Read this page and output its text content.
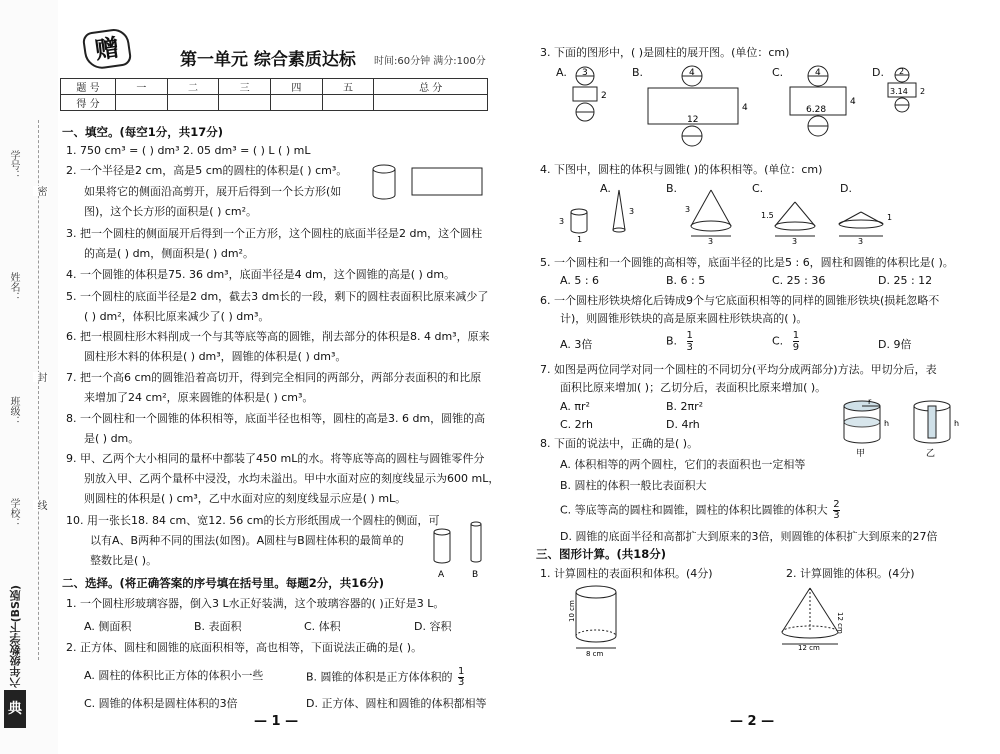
学号：
密
姓名：
封
班级：
学校： 线
六年级数学下(BS版)
典
赠	第一单元 综合素质达标 时间:60分钟 满分:100分
题 号	一	二	三	四	五	总 分
得 分						
一、填空。(每空1分，共17分)
1. 750 cm³ = ( ) dm³ 2. 05 dm³ = ( ) L ( ) mL
2. 一个半径是2 cm，高是5 cm的圆柱的体积是( ) cm³。
如果将它的侧面沿高剪开，展开后得到一个长方形(如
图)，这个长方形的面积是( ) cm²。
3. 把一个圆柱的侧面展开后得到一个正方形，这个圆柱的底面半径是2 dm，这个圆柱
的高是( ) dm，侧面积是( ) dm²。
4. 一个圆锥的体积是75. 36 dm³，底面半径是4 dm，这个圆锥的高是( ) dm。
5. 一个圆柱的底面半径是2 dm，截去3 dm长的一段，剩下的圆柱表面积比原来减少了
( ) dm²，体积比原来减少了( ) dm³。
6. 把一根圆柱形木料削成一个与其等底等高的圆锥，削去部分的体积是8. 4 dm³，原来
圆柱形木料的体积是( ) dm³，圆锥的体积是( ) dm³。
7. 把一个高6 cm的圆锥沿着高切开，得到完全相同的两部分，两部分表面积的和比原
来增加了24 cm²，原来圆锥的体积是( ) cm³。
8. 一个圆柱和一个圆锥的体积相等，底面半径也相等，圆柱的高是3. 6 dm，圆锥的高
是( ) dm。
9. 甲、乙两个大小相同的量杯中都装了450 mL的水。将等底等高的圆柱与圆锥零件分
别放入甲、乙两个量杯中浸没，水均未溢出。甲中水面对应的刻度线显示为600 mL，
则圆柱的体积是( ) cm³，乙中水面对应的刻度线显示应是( ) mL。
10. 用一张长18. 84 cm、宽12. 56 cm的长方形纸围成一个圆柱的侧面，可
以有A、B两种不同的围法(如图)。A圆柱与B圆柱体积的最简单的
整数比是( )。
A	B
二、选择。(将正确答案的序号填在括号里。每题2分，共16分)
1. 一个圆柱形玻璃容器，倒入3 L水正好装满，这个玻璃容器的( )正好是3 L。
A. 侧面积	B. 表面积	C. 体积	D. 容积
2. 正方体、圆柱和圆锥的底面积相等，高也相等，下面说法正确的是( )。
A. 圆柱的体积比正方体的体积小一些	B. 圆锥的体积是正方体体积的 $\frac{1}{3}$
C. 圆锥的体积是圆柱体积的3倍	D. 正方体、圆柱和圆锥的体积都相等
— 1 —
3. 下面的图形中，( )是圆柱的展开图。(单位：cm)
A.	B.	C.	D.
3
2
4
4
12
4
4
6.28
2
3.14 2
4. 下图中，圆柱的体积与圆锥( )的体积相等。(单位：cm)
A.	B.	C.	D.
3
1
3	3
3
1.5
3
1
3
5. 一个圆柱和一个圆锥的高相等，底面半径的比是5 : 6，圆柱和圆锥的体积比是( )。
A. 5 : 6	B. 6 : 5	C. 25 : 36	D. 25 : 12
6. 一个圆柱形铁块熔化后铸成9个与它底面积相等的同样的圆锥形铁块(损耗忽略不
计)，则圆锥形铁块的高是原来圆柱形铁块高的( )。
A. 3倍	B. $\frac{1}{3}$	C. $\frac{1}{9}$	D. 9倍
7. 如图是两位同学对同一个圆柱的不同切分(平均分成两部分)方法。甲切分后，表
面积比原来增加( )；乙切分后，表面积比原来增加( )。
A. πr²	B. 2πr²
C. 2rh	D. 4rh
r
h
甲
h
乙
8. 下面的说法中，正确的是( )。
A. 体积相等的两个圆柱，它们的表面积也一定相等
B. 圆柱的体积一般比表面积大
C. 等底等高的圆柱和圆锥，圆柱的体积比圆锥的体积大 $\frac{2}{3}$
D. 圆锥的底面半径和高都扩大到原来的3倍，则圆锥的体积扩大到原来的27倍
三、图形计算。(共18分)
1. 计算圆柱的表面积和体积。(4分)	2. 计算圆锥的体积。(4分)
10 cm
8 cm
12 cm
12 cm
— 2 —
